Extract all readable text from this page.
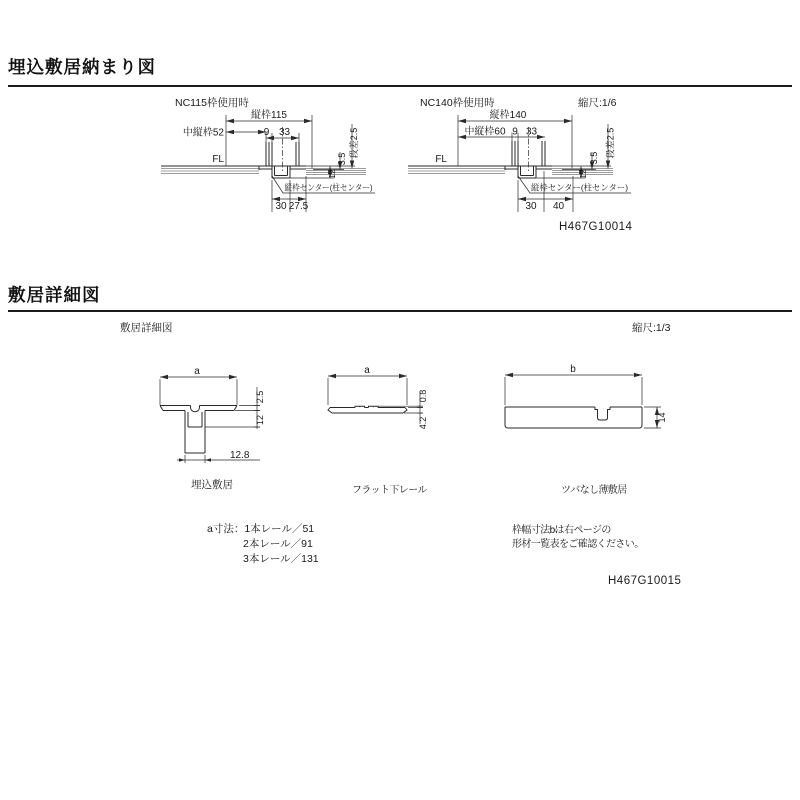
埋込敷居納まり図
NC115枠使用時	NC140枠使用時	縮尺:1/6
縦枠115
中縦枠52	9 33
FL
12
3.5
段差2.5
縦枠センター(柱センター)
30 27.5
縦枠140
中縦枠60 9 33
FL
12
3.5 段差2.5
縦枠センター(柱センター)
30 40
H467G10014
敷居詳細図
敷居詳細図	縮尺:1/3
a
12.8
2.5
12
埋込敷居
a
0.8
4.2
フラット下レール
b
14
ツバなし薄敷居
a寸法：1本レール／51
2本レール／91
3本レール／131
枠幅寸法bは右ページの
形材一覧表をご確認ください。
H467G10015
